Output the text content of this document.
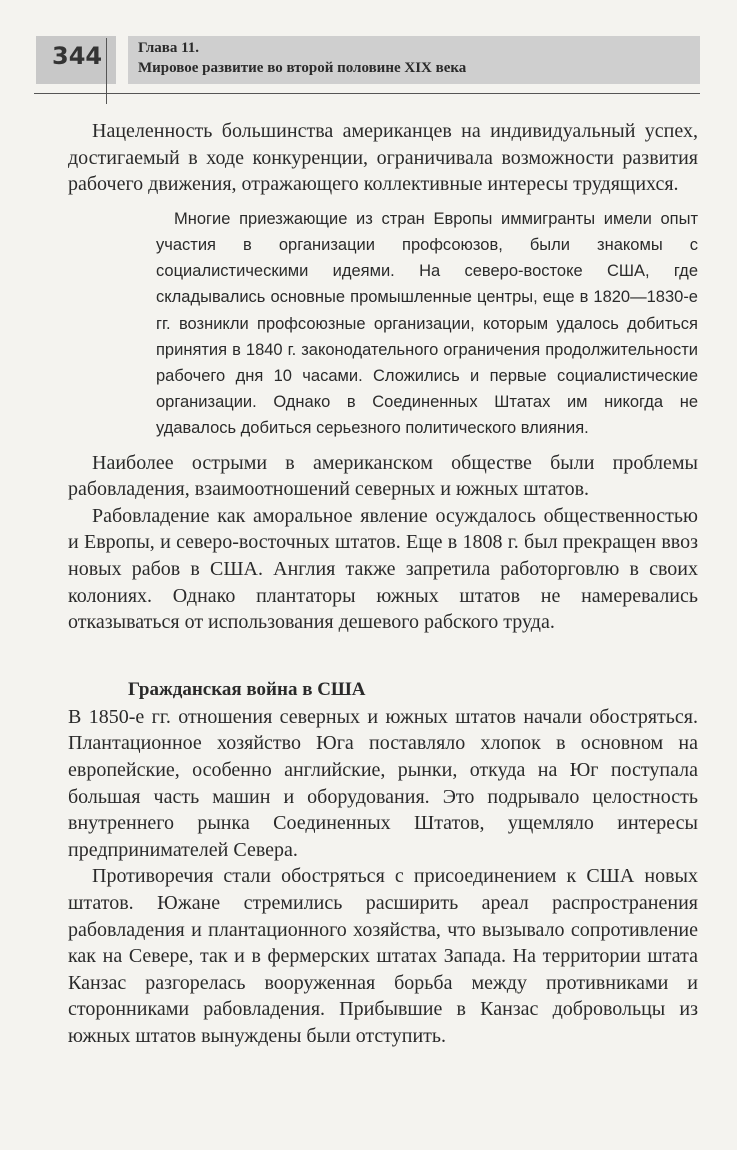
344 Глава 11.
Мировое развитие во второй половине XIX века

Нацеленность большинства американцев на индивидуальный успех, достигаемый в ходе конкуренции, ограничивала возможности развития рабочего движения, отражающего коллективные интересы трудящихся.

Многие приезжающие из стран Европы иммигранты имели опыт участия в организации профсоюзов, были знакомы с социалистическими идеями. На северо-востоке США, где складывались основные промышленные центры, еще в 1820—1830-е гг. возникли профсоюзные организации, которым удалось добиться принятия в 1840 г. законодательного ограничения продолжительности рабочего дня 10 часами. Сложились и первые социалистические организации. Однако в Соединенных Штатах им никогда не удавалось добиться серьезного политического влияния.

Наиболее острыми в американском обществе были проблемы рабовладения, взаимоотношений северных и южных штатов.

Рабовладение как аморальное явление осуждалось общественностью и Европы, и северо-восточных штатов. Еще в 1808 г. был прекращен ввоз новых рабов в США. Англия также запретила работорговлю в своих колониях. Однако плантаторы южных штатов не намеревались отказываться от использования дешевого рабского труда.

Гражданская война в США

В 1850-е гг. отношения северных и южных штатов начали обостряться. Плантационное хозяйство Юга поставляло хлопок в основном на европейские, особенно английские, рынки, откуда на Юг поступала большая часть машин и оборудования. Это подрывало целостность внутреннего рынка Соединенных Штатов, ущемляло интересы предпринимателей Севера.

Противоречия стали обостряться с присоединением к США новых штатов. Южане стремились расширить ареал распространения рабовладения и плантационного хозяйства, что вызывало сопротивление как на Севере, так и в фермерских штатах Запада. На территории штата Канзас разгорелась вооруженная борьба между противниками и сторонниками рабовладения. Прибывшие в Канзас добровольцы из южных штатов вынуждены были отступить.
